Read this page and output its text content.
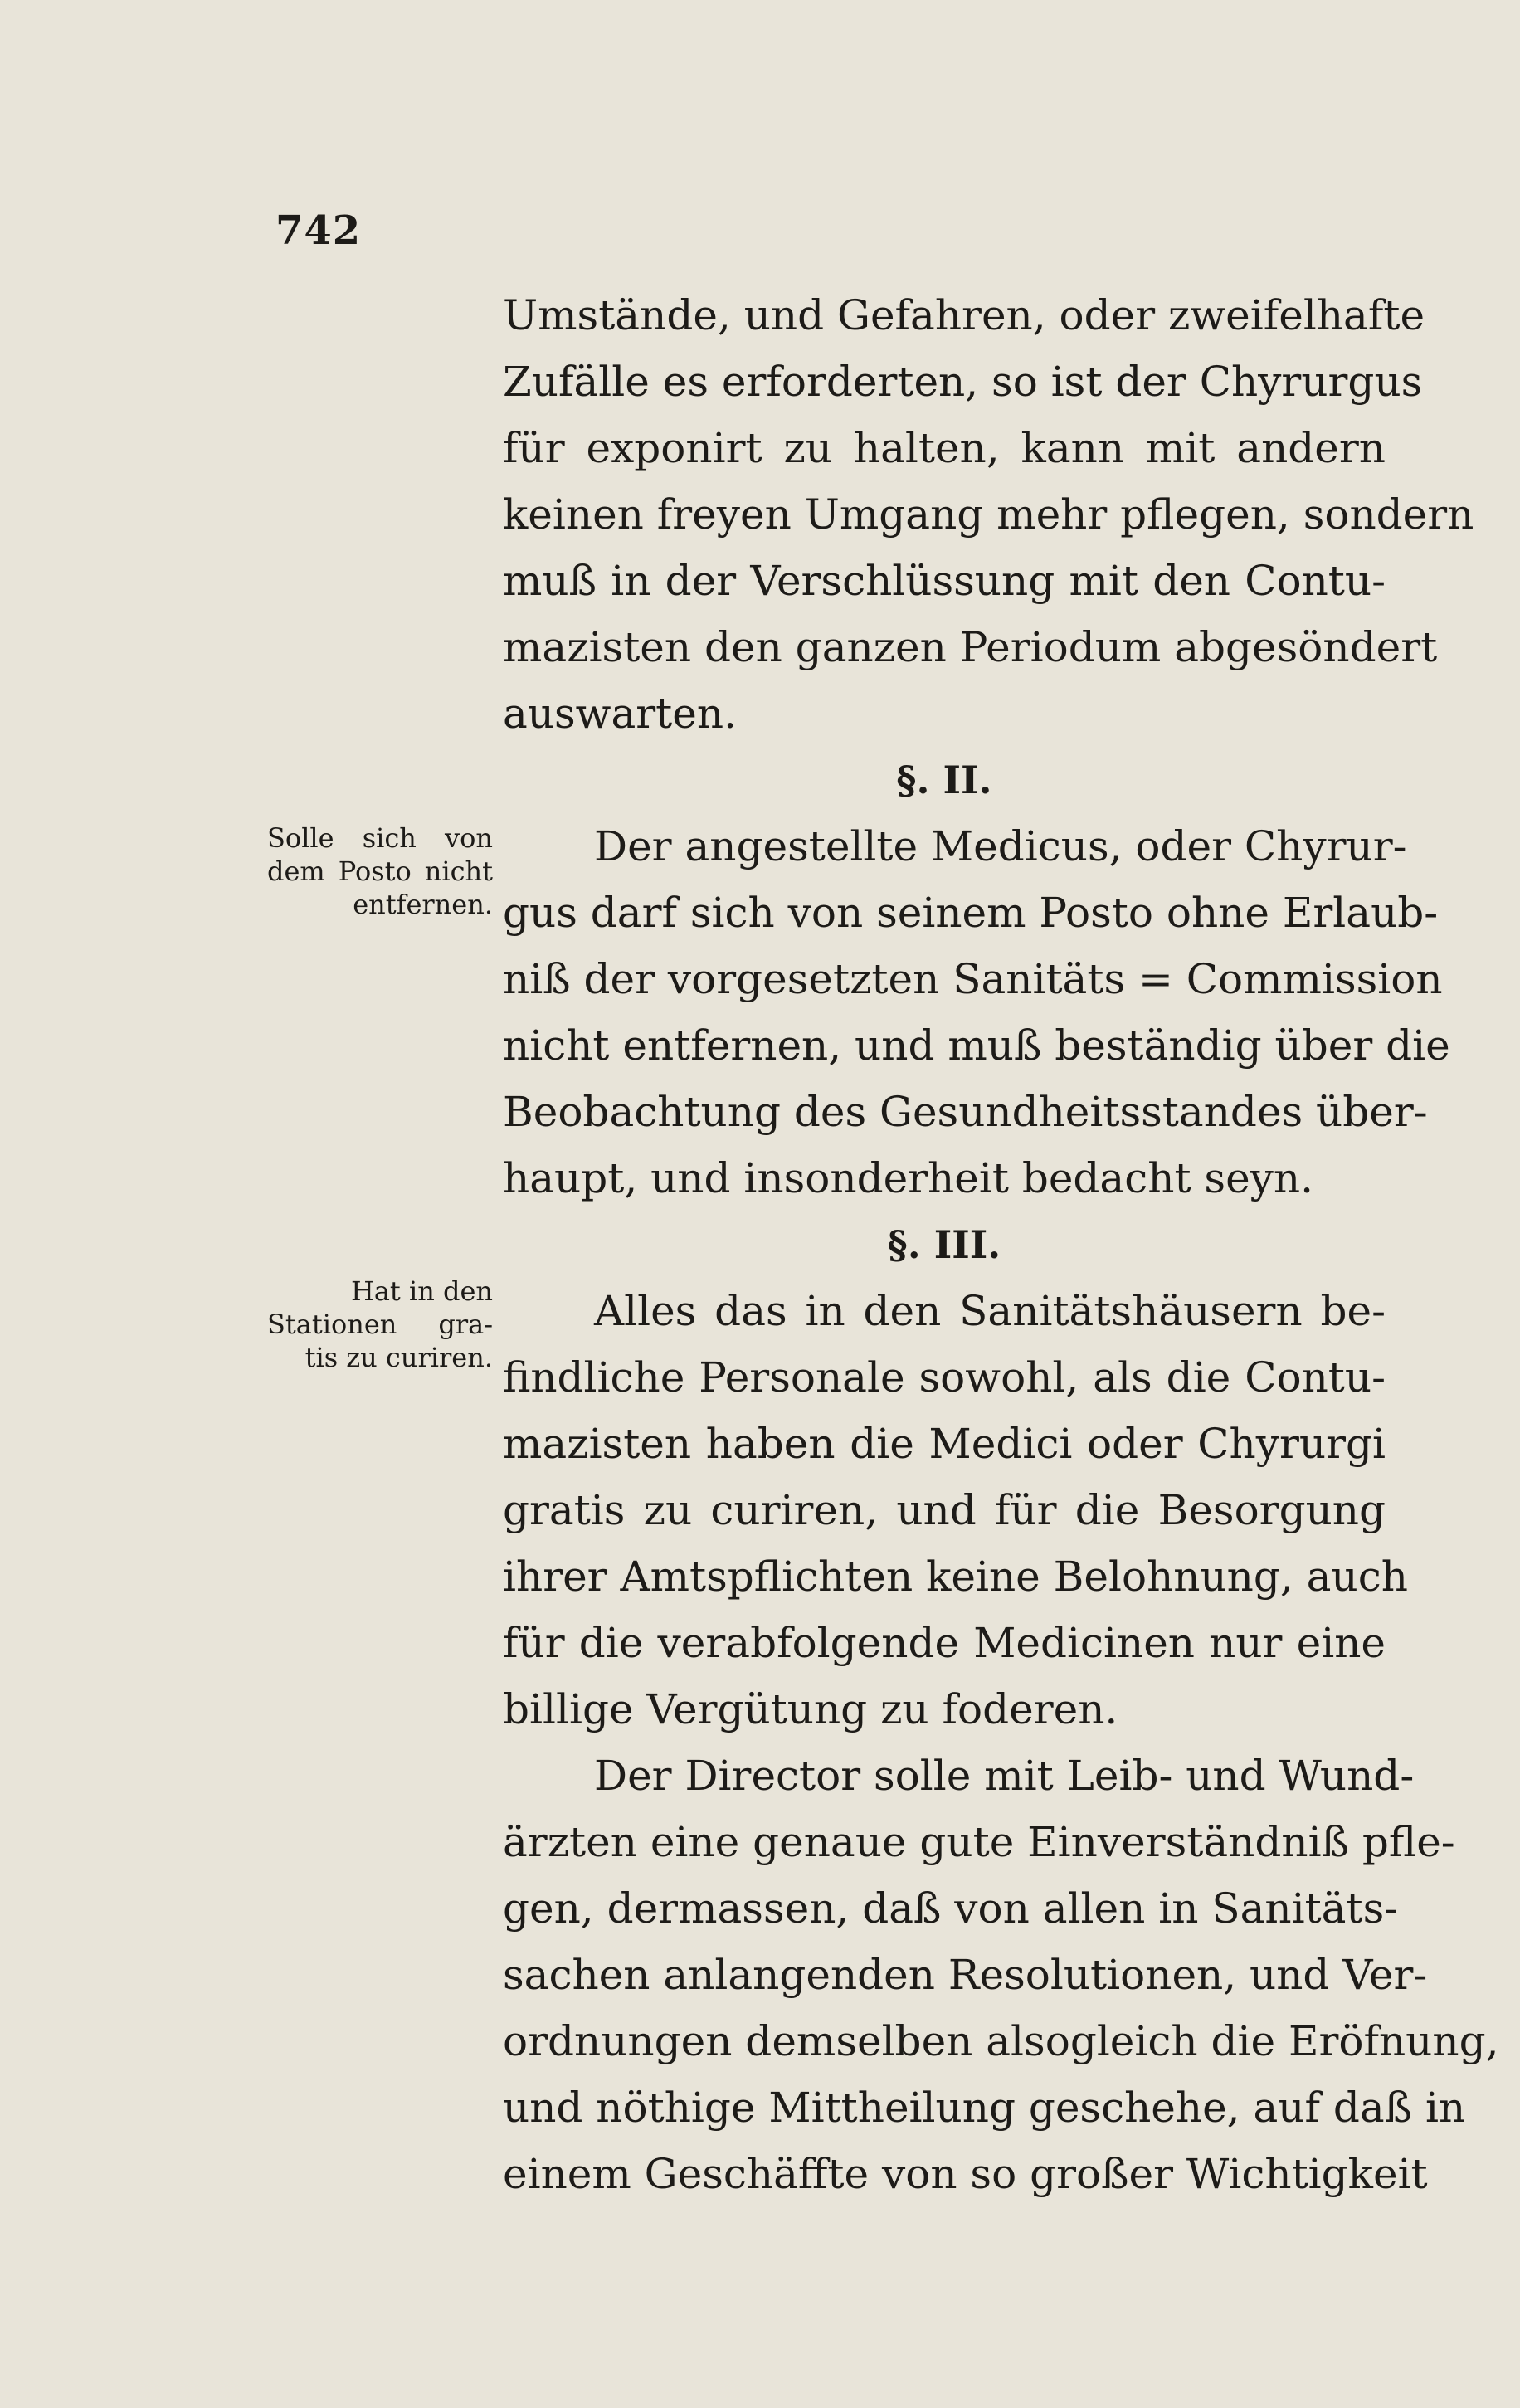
742
Umstände, und Gefahren, oder zweifelhafte
Zufälle es erforderten, so ist der Chyrurgus
für exponirt zu halten, kann mit andern
keinen freyen Umgang mehr pflegen, sondern
muß in der Verschlüssung mit den Contu-
mazisten den ganzen Periodum abgesöndert
auswarten.
§. II.
Der angestellte Medicus, oder Chyrur-
gus darf sich von seinem Posto ohne Erlaub-
niß der vorgesetzten Sanitäts = Commission
nicht entfernen, und muß beständig über die
Beobachtung des Gesundheitsstandes über-
haupt, und insonderheit bedacht seyn.
§. III.
Alles das in den Sanitätshäusern be-
findliche Personale sowohl, als die Contu-
mazisten haben die Medici oder Chyrurgi
gratis zu curiren, und für die Besorgung
ihrer Amtspflichten keine Belohnung, auch
für die verabfolgende Medicinen nur eine
billige Vergütung zu foderen.
Der Director solle mit Leib- und Wund-
ärzten eine genaue gute Einverständniß pfle-
gen, dermassen, daß von allen in Sanitäts-
sachen anlangenden Resolutionen, und Ver-
ordnungen demselben alsogleich die Eröfnung,
und nöthige Mittheilung geschehe, auf daß in
einem Geschäffte von so großer Wichtigkeit
Solle sich von
dem Posto nicht
entfernen.
Hat in den
Stationen gra-
tis zu curiren.
